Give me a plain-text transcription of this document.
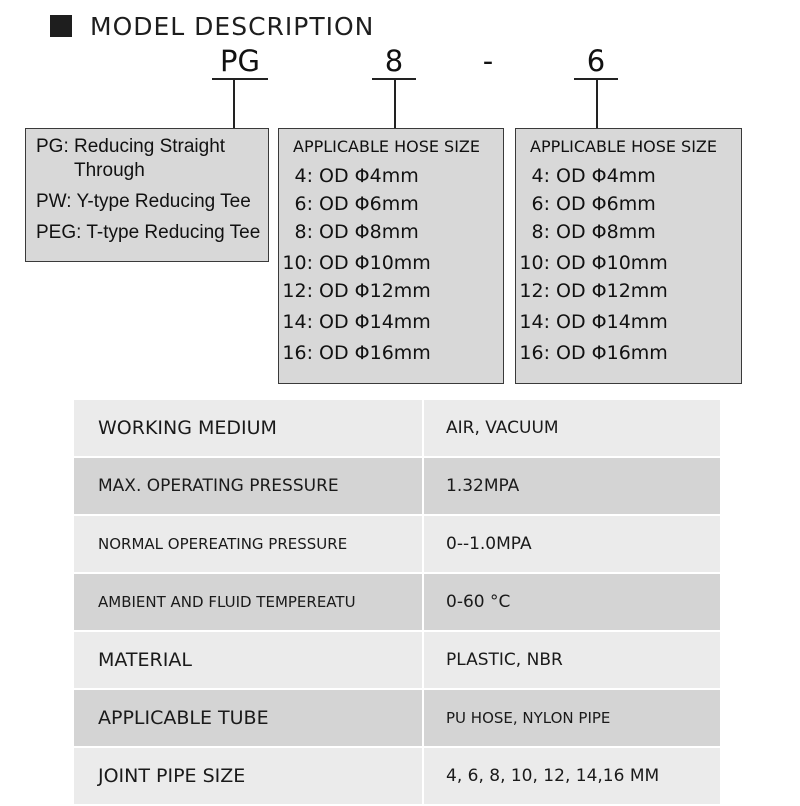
MODEL DESCRIPTION
PG	8	-	6
PG: Reducing Straight
Through
PW: Y-type Reducing Tee
PEG: T-type Reducing Tee
APPLICABLE HOSE SIZE
4: OD Φ4mm
6: OD Φ6mm
8: OD Φ8mm
10: OD Φ10mm
12: OD Φ12mm
14: OD Φ14mm
16: OD Φ16mm
APPLICABLE HOSE SIZE
4: OD Φ4mm
6: OD Φ6mm
8: OD Φ8mm
10: OD Φ10mm
12: OD Φ12mm
14: OD Φ14mm
16: OD Φ16mm
WORKING MEDIUM	AIR, VACUUM
MAX. OPERATING PRESSURE	1.32MPA
NORMAL OPEREATING PRESSURE	0--1.0MPA
AMBIENT AND FLUID TEMPEREATU	0-60 °C
MATERIAL	PLASTIC, NBR
APPLICABLE TUBE	PU HOSE, NYLON PIPE
JOINT PIPE SIZE	4, 6, 8, 10, 12, 14,16 MM
